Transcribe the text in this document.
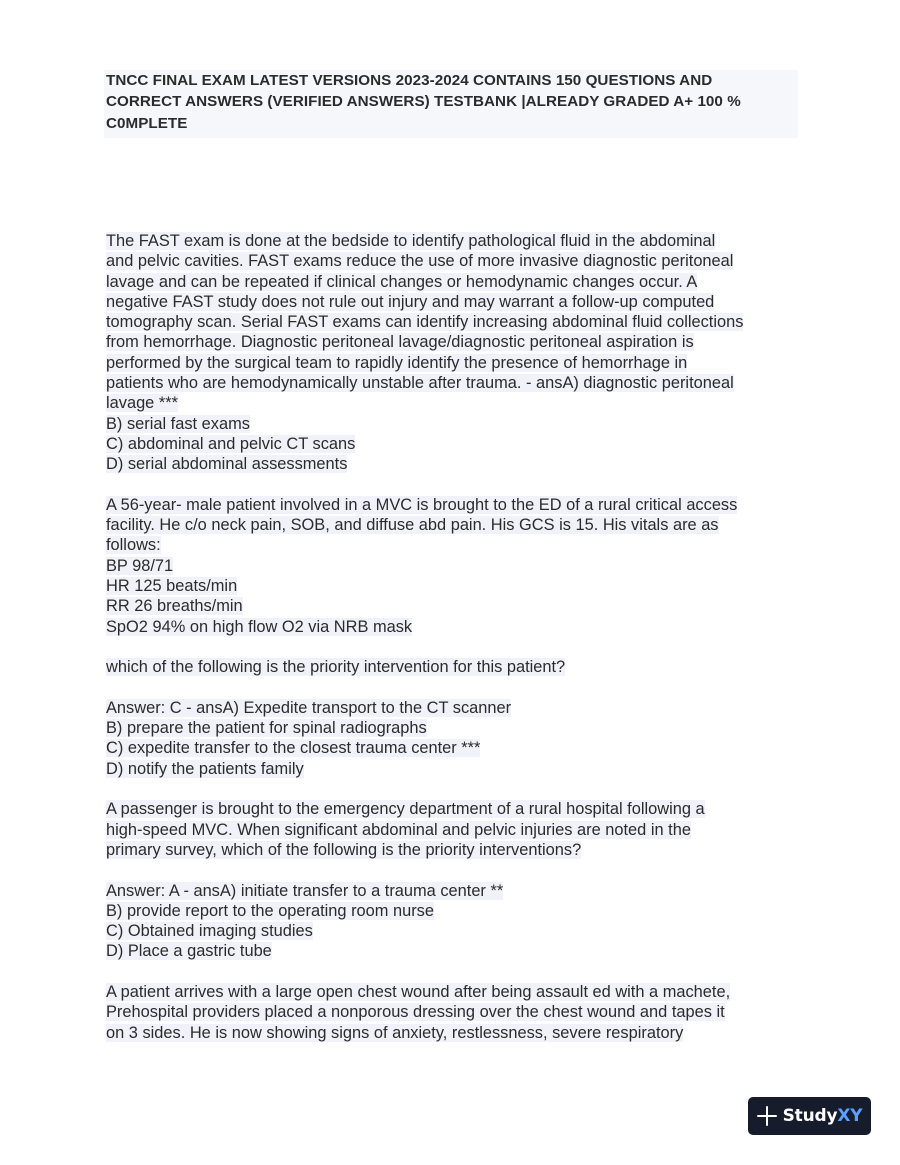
TNCC FINAL EXAM LATEST VERSIONS 2023-2024 CONTAINS 150 QUESTIONS AND
CORRECT ANSWERS (VERIFIED ANSWERS) TESTBANK |ALREADY GRADED A+ 100 %
C0MPLETE

The FAST exam is done at the bedside to identify pathological fluid in the abdominal
and pelvic cavities. FAST exams reduce the use of more invasive diagnostic peritoneal
lavage and can be repeated if clinical changes or hemodynamic changes occur. A
negative FAST study does not rule out injury and may warrant a follow-up computed
tomography scan. Serial FAST exams can identify increasing abdominal fluid collections
from hemorrhage. Diagnostic peritoneal lavage/diagnostic peritoneal aspiration is
performed by the surgical team to rapidly identify the presence of hemorrhage in
patients who are hemodynamically unstable after trauma. - ansA) diagnostic peritoneal
lavage ***
B) serial fast exams
C) abdominal and pelvic CT scans
D) serial abdominal assessments

A 56-year- male patient involved in a MVC is brought to the ED of a rural critical access
facility. He c/o neck pain, SOB, and diffuse abd pain. His GCS is 15. His vitals are as
follows:
BP 98/71
HR 125 beats/min
RR 26 breaths/min
SpO2 94% on high flow O2 via NRB mask

which of the following is the priority intervention for this patient?

Answer: C - ansA) Expedite transport to the CT scanner
B) prepare the patient for spinal radiographs
C) expedite transfer to the closest trauma center ***
D) notify the patients family

A passenger is brought to the emergency department of a rural hospital following a
high-speed MVC. When significant abdominal and pelvic injuries are noted in the
primary survey, which of the following is the priority interventions?

Answer: A - ansA) initiate transfer to a trauma center **
B) provide report to the operating room nurse
C) Obtained imaging studies
D) Place a gastric tube

A patient arrives with a large open chest wound after being assault ed with a machete,
Prehospital providers placed a nonporous dressing over the chest wound and tapes it
on 3 sides. He is now showing signs of anxiety, restlessness, severe respiratory

StudyXY
